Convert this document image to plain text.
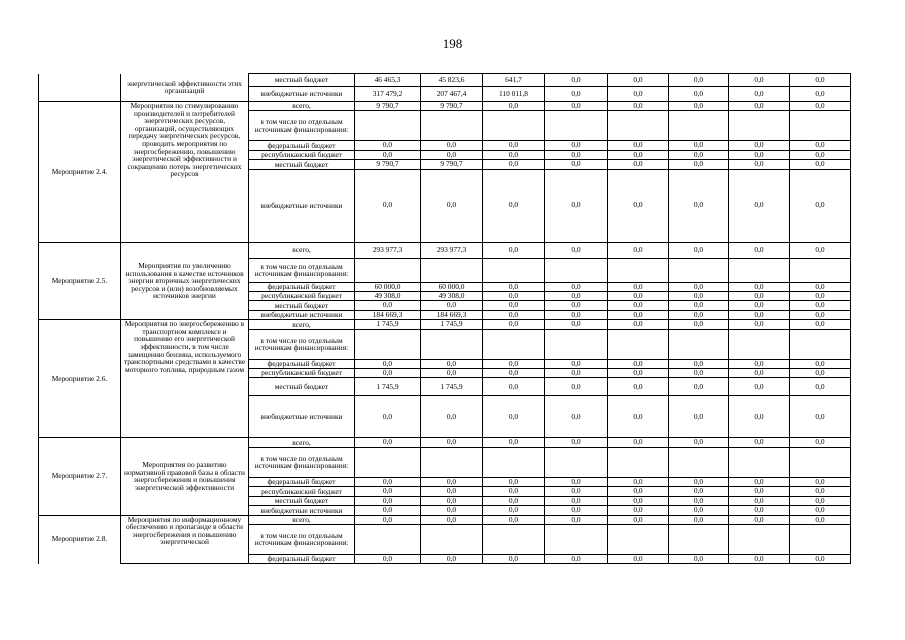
198
	энергетической эффективности этих организаций	местный бюджет	46 465,3	45 823,6	641,7	0,0	0,0	0,0	0,0	0,0
		внебюджетные источники	317 479,2	207 467,4	110 011,8	0,0	0,0	0,0	0,0	0,0
Мероприятие 2.4.	Мероприятия по стимулированию производителей и потребителей энергетических ресурсов, организаций, осуществляющих передачу энергетических ресурсов, проводить мероприятия по энергосбережению, повышению энергетической эффективности и сокращению потерь энергетических ресурсов	всего,	9 790,7	9 790,7	0,0	0,0	0,0	0,0	0,0	0,0
		в том числе по отдельным источникам финансирования:								
		федеральный бюджет	0,0	0,0	0,0	0,0	0,0	0,0	0,0	0,0
		республиканский бюджет	0,0	0,0	0,0	0,0	0,0	0,0	0,0	0,0
		местный бюджет	9 790,7	9 790,7	0,0	0,0	0,0	0,0	0,0	0,0
		внебюджетные источники	0,0	0,0	0,0	0,0	0,0	0,0	0,0	0,0
Мероприятие 2.5.	Мероприятия по увеличению использования в качестве источников энергии вторичных энергетических ресурсов и (или) возобновляемых источников энергии	всего,	293 977,3	293 977,3	0,0	0,0	0,0	0,0	0,0	0,0
		в том числе по отдельным источникам финансирования:								
		федеральный бюджет	60 000,0	60 000,0	0,0	0,0	0,0	0,0	0,0	0,0
		республиканский бюджет	49 308,0	49 308,0	0,0	0,0	0,0	0,0	0,0	0,0
		местный бюджет	0,0	0,0	0,0	0,0	0,0	0,0	0,0	0,0
		внебюджетные источники	184 669,3	184 669,3	0,0	0,0	0,0	0,0	0,0	0,0
Мероприятие 2.6.	Мероприятия по энергосбережению в транспортном комплексе и повышению его энергетической эффективности, в том числе замещению бензина, используемого транспортными средствами в качестве моторного топлива, природным газом	всего,	1 745,9	1 745,9	0,0	0,0	0,0	0,0	0,0	0,0
		в том числе по отдельным источникам финансирования:								
		федеральный бюджет	0,0	0,0	0,0	0,0	0,0	0,0	0,0	0,0
		республиканский бюджет	0,0	0,0	0,0	0,0	0,0	0,0	0,0	0,0
		местный бюджет	1 745,9	1 745,9	0,0	0,0	0,0	0,0	0,0	0,0
		внебюджетные источники	0,0	0,0	0,0	0,0	0,0	0,0	0,0	0,0
Мероприятие 2.7.	Мероприятия по развитию нормативной правовой базы в области энергосбережения и повышения энергетической эффективности	всего,	0,0	0,0	0,0	0,0	0,0	0,0	0,0	0,0
		в том числе по отдельным источникам финансирования:								
		федеральный бюджет	0,0	0,0	0,0	0,0	0,0	0,0	0,0	0,0
		республиканский бюджет	0,0	0,0	0,0	0,0	0,0	0,0	0,0	0,0
		местный бюджет	0,0	0,0	0,0	0,0	0,0	0,0	0,0	0,0
		внебюджетные источники	0,0	0,0	0,0	0,0	0,0	0,0	0,0	0,0
Мероприятие 2.8.	Мероприятия по информационному обеспечению и пропаганде в области энергосбережения и повышению энергетической	всего,	0,0	0,0	0,0	0,0	0,0	0,0	0,0	0,0
		в том числе по отдельным источникам финансирования:								
		федеральный бюджет	0,0	0,0	0,0	0,0	0,0	0,0	0,0	0,0
